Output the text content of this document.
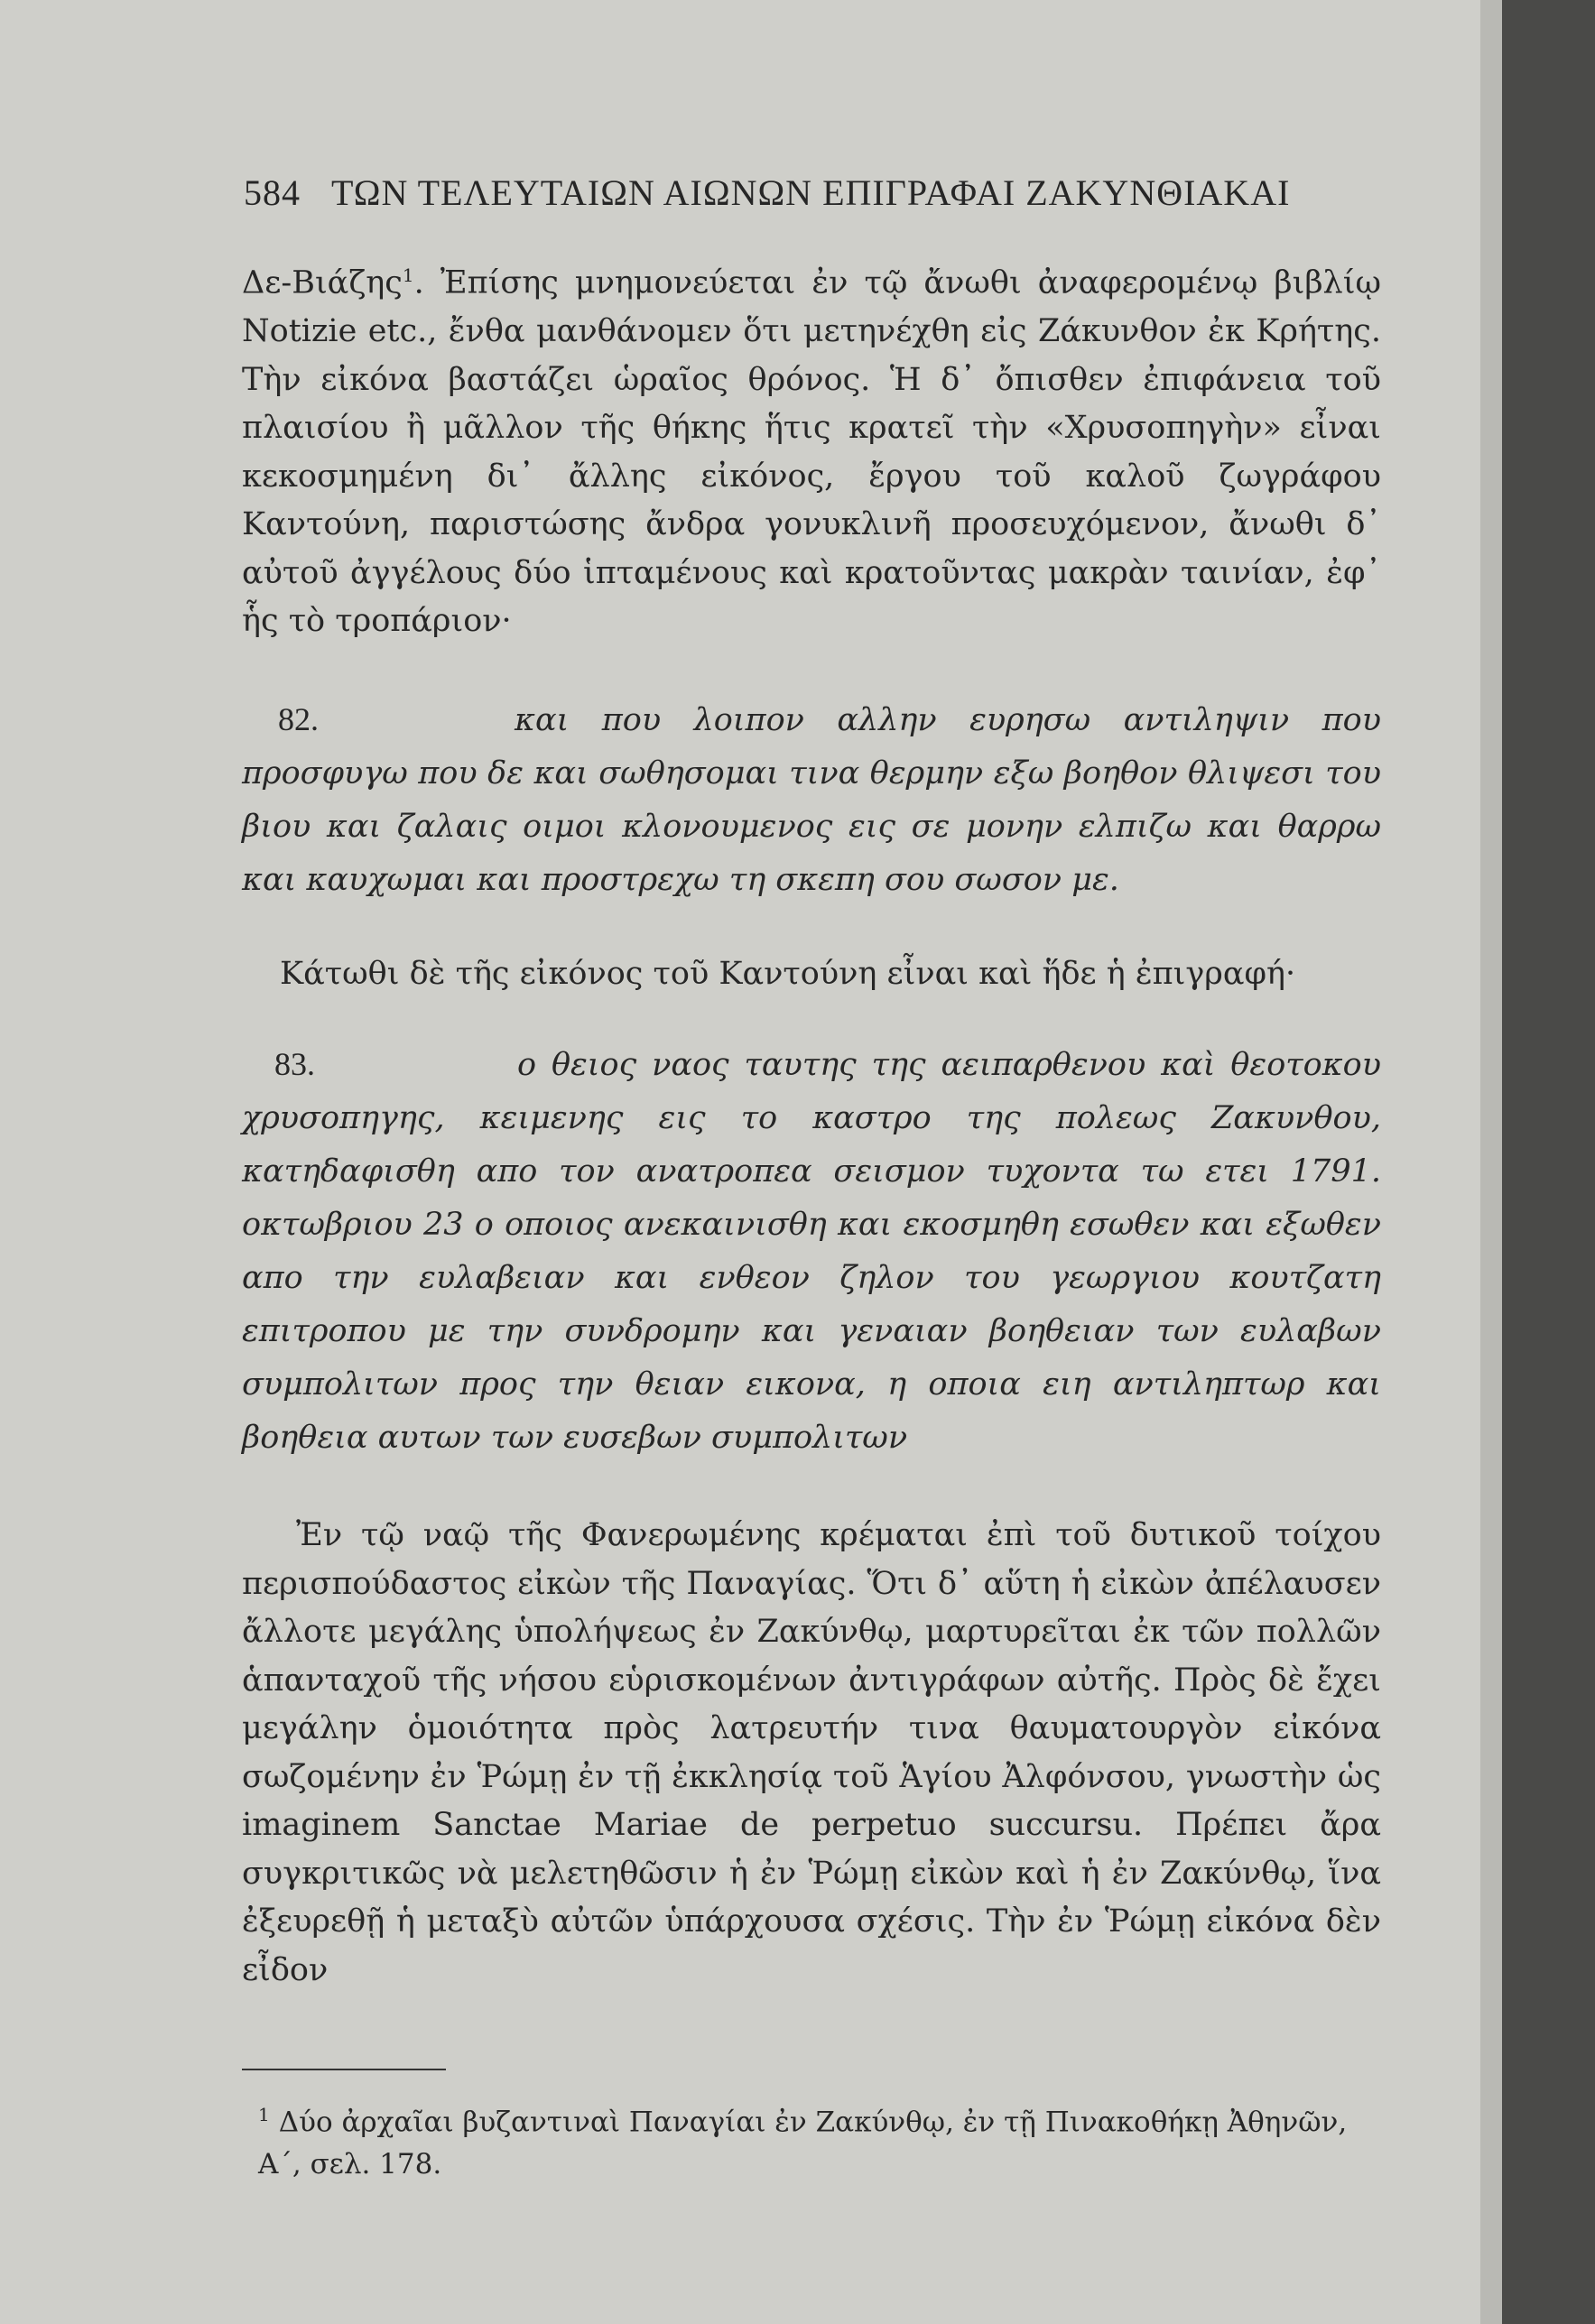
584 ΤΩΝ ΤΕΛΕΥΤΑΙΩΝ ΑΙΩΝΩΝ ΕΠΙΓΡΑΦΑΙ ΖΑΚΥΝΘΙΑΚΑΙ

Δε-Βιάζης$^1$. Ἐπίσης μνημονεύεται ἐν τῷ ἄνωθι ἀναφερομένῳ βιβλίῳ Notizie etc., ἔνθα μανθάνομεν ὅτι μετηνέχθη εἰς Ζάκυνθον ἐκ Κρήτης. Τὴν εἰκόνα βαστάζει ὡραῖος θρόνος. Ἡ δ᾽ ὄπισθεν ἐπιφάνεια τοῦ πλαισίου ἢ μᾶλλον τῆς θήκης ἥτις κρατεῖ τὴν «Χρυσοπηγὴν» εἶναι κεκοσμημένη δι᾽ ἄλλης εἰκόνος, ἔργου τοῦ καλοῦ ζωγράφου Καντούνη, παριστώσης ἄνδρα γονυκλινῆ προσευχόμενον, ἄνωθι δ᾽ αὐτοῦ ἀγγέλους δύο ἱπταμένους καὶ κρατοῦντας μακρὰν ταινίαν, ἐφ᾽ ἧς τὸ τροπάριον·

82.	και που λοιπον αλλην ευρησω αντιληψιν που προσφυγω που δε και σωθησομαι τινα θερμην εξω βοηθον θλιψεσι του βιου και ζαλαις οιμοι κλονουμενος εις σε μονην ελπιζω και θαρρω και καυχωμαι και προστρεχω τη σκεπη σου σωσον με.

Κάτωθι δὲ τῆς εἰκόνος τοῦ Καντούνη εἶναι καὶ ἥδε ἡ ἐπιγραφή·

83.	ο θειος ναος ταυτης της αειπαρθενου καὶ θεοτοκου χρυσοπηγης, κειμενης εις το καστρο της πολεως Ζακυνθου, κατηδαφισθη απο τον ανατροπεα σεισμον τυχοντα τω ετει 1791. οκτωβριου 23 ο οποιος ανεκαινισθη και εκοσμηθη εσωθεν και εξωθεν απο την ευλαβειαν και ενθεον ζηλον του γεωργιου κουτζατη επιτροπου με την συνδρομην και γεναιαν βοηθειαν των ευλαβων συμπολιτων προς την θειαν εικονα, η οποια ειη αντιληπτωρ και βοηθεια αυτων των ευσεβων συμπολιτων

Ἐν τῷ ναῷ τῆς Φανερωμένης κρέμαται ἐπὶ τοῦ δυτικοῦ τοίχου περισπούδαστος εἰκὼν τῆς Παναγίας. Ὅτι δ᾽ αὕτη ἡ εἰκὼν ἀπέλαυσεν ἄλλοτε μεγάλης ὑπολήψεως ἐν Ζακύνθῳ, μαρτυρεῖται ἐκ τῶν πολλῶν ἁπανταχοῦ τῆς νήσου εὑρισκομένων ἀντιγράφων αὐτῆς. Πρὸς δὲ ἔχει μεγάλην ὁμοιότητα πρὸς λατρευτήν τινα θαυματουργὸν εἰκόνα σωζομένην ἐν Ῥώμῃ ἐν τῇ ἐκκλησίᾳ τοῦ Ἁγίου Ἀλφόνσου, γνωστὴν ὡς imaginem Sanctae Mariae de perpetuo succursu. Πρέπει ἄρα συγκριτικῶς νὰ μελετηθῶσιν ἡ ἐν Ῥώμῃ εἰκὼν καὶ ἡ ἐν Ζακύνθῳ, ἵνα ἐξευρεθῇ ἡ μεταξὺ αὐτῶν ὑπάρχουσα σχέσις. Τὴν ἐν Ῥώμῃ εἰκόνα δὲν εἶδον

$^1$ Δύο ἀρχαῖαι βυζαντιναὶ Παναγίαι ἐν Ζακύνθῳ, ἐν τῇ Πινακοθήκῃ Ἀθηνῶν, Α΄, σελ. 178.
